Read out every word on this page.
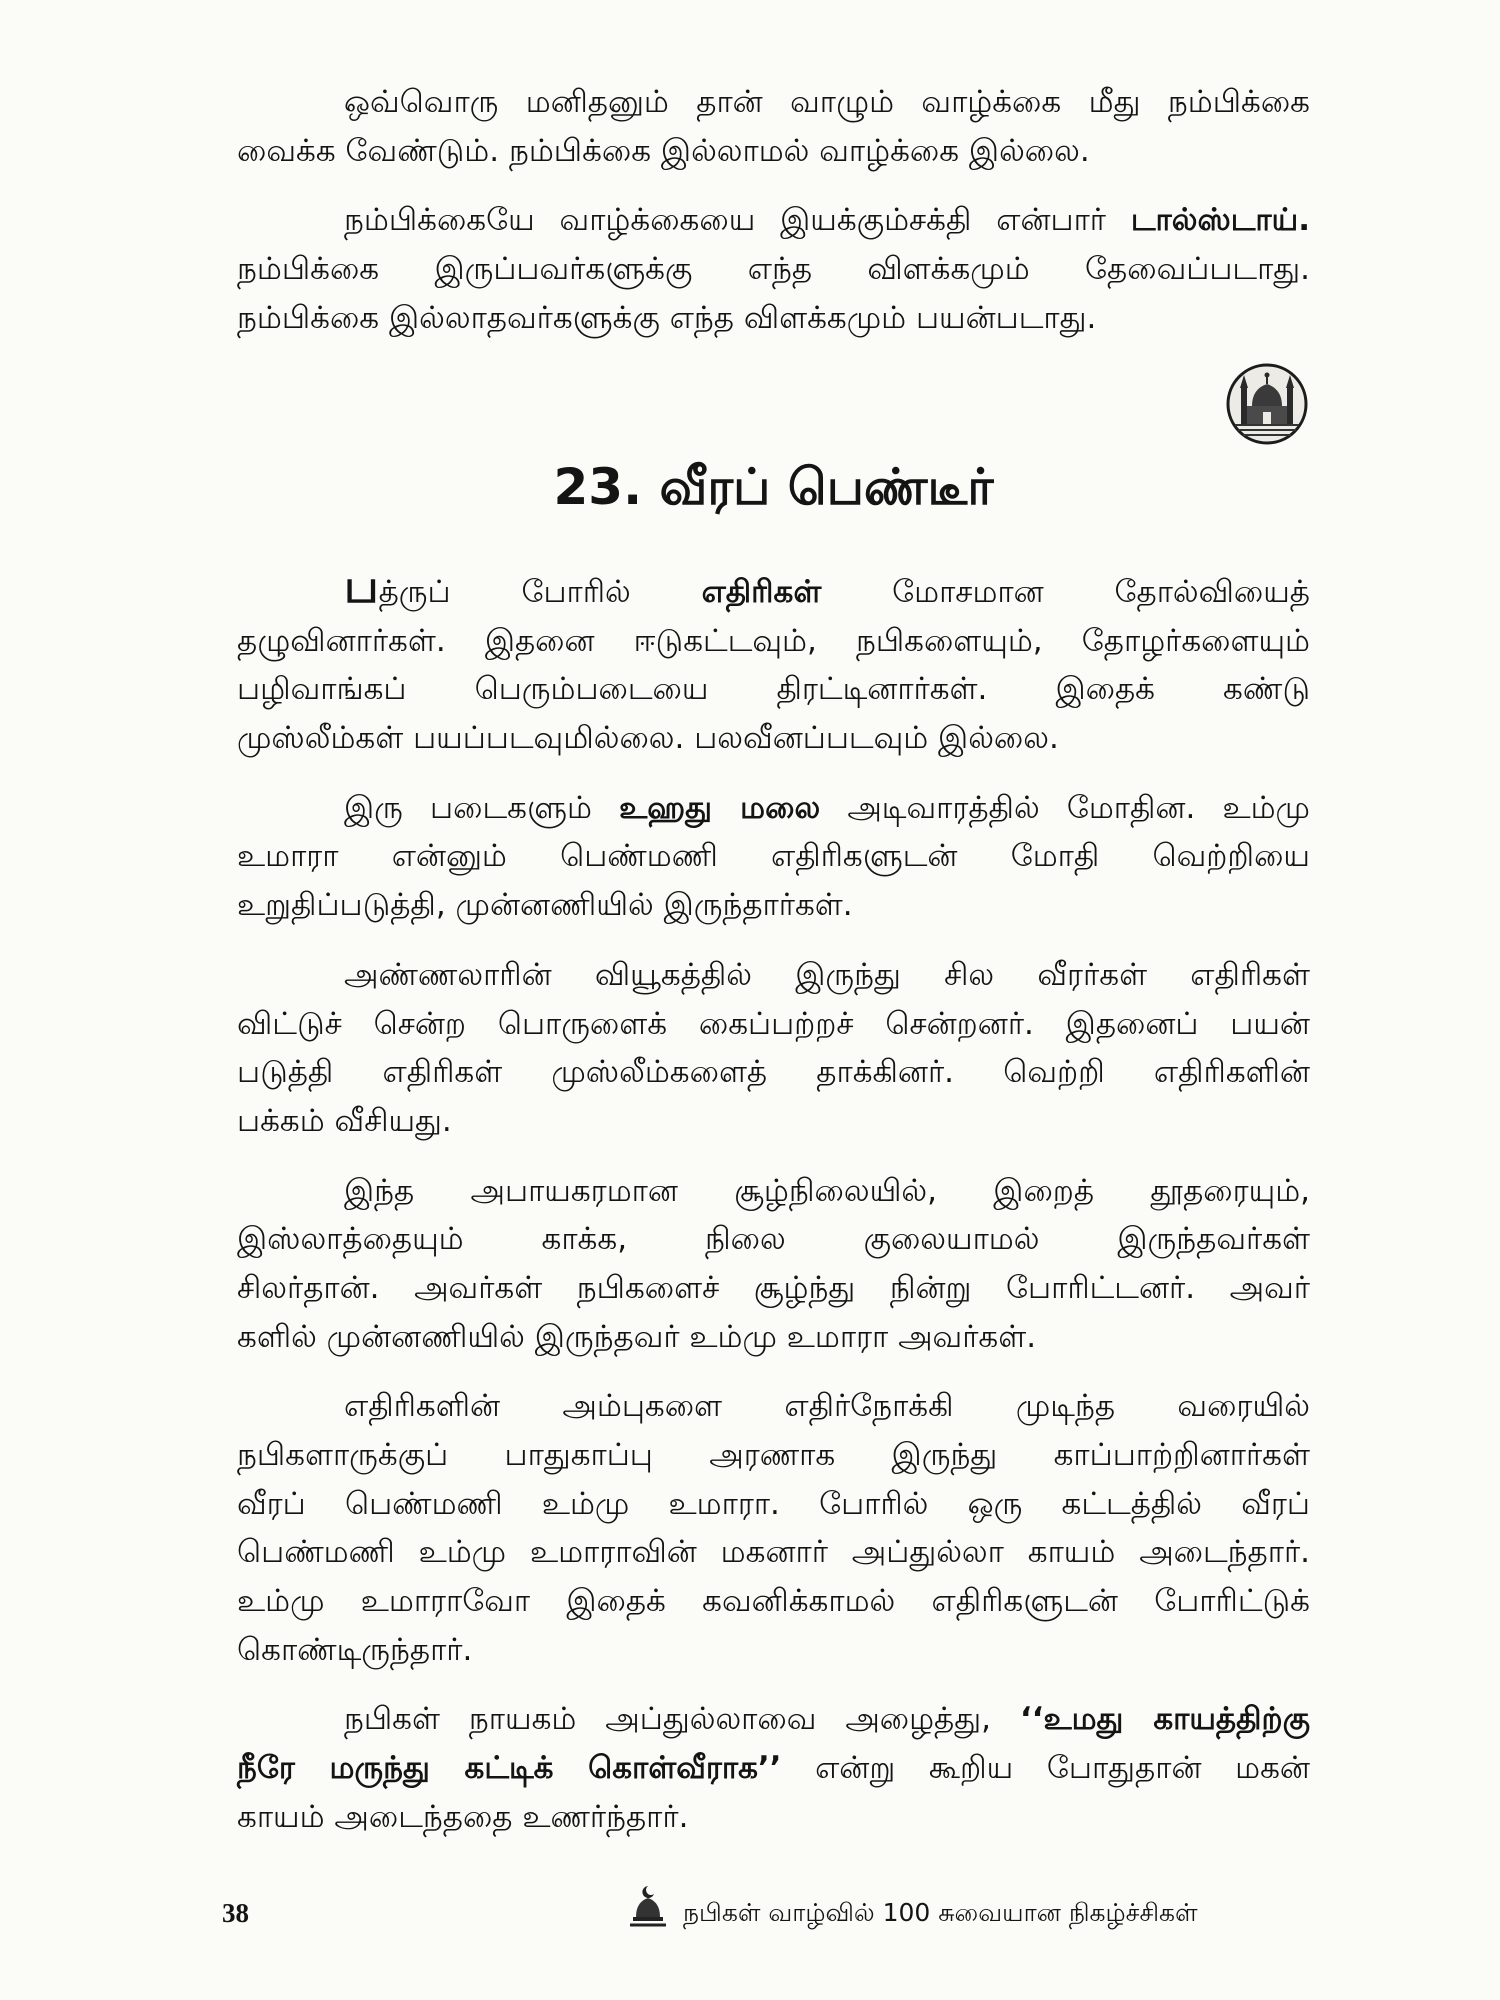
ஒவ்வொரு மனிதனும் தான் வாழும் வாழ்க்கை மீது நம்பிக்கை
வைக்க வேண்டும். நம்பிக்கை இல்லாமல் வாழ்க்கை இல்லை.
நம்பிக்கையே வாழ்க்கையை இயக்கும்சக்தி என்பார் டால்ஸ்டாய்.
நம்பிக்கை இருப்பவர்களுக்கு எந்த விளக்கமும் தேவைப்படாது.
நம்பிக்கை இல்லாதவர்களுக்கு எந்த விளக்கமும் பயன்படாது.
23. வீரப் பெண்டீர்
பத்ருப் போரில் எதிரிகள் மோசமான தோல்வியைத்
தழுவினார்கள். இதனை ஈடுகட்டவும், நபிகளையும், தோழர்களையும்
பழிவாங்கப் பெரும்படையை திரட்டினார்கள். இதைக் கண்டு
முஸ்லீம்கள் பயப்படவுமில்லை. பலவீனப்படவும் இல்லை.
இரு படைகளும் உஹது மலை அடிவாரத்தில் மோதின. உம்மு
உமாரா என்னும் பெண்மணி எதிரிகளுடன் மோதி வெற்றியை
உறுதிப்படுத்தி, முன்னணியில் இருந்தார்கள்.
அண்ணலாரின் வியூகத்தில் இருந்து சில வீரர்கள் எதிரிகள்
விட்டுச் சென்ற பொருளைக் கைப்பற்றச் சென்றனர். இதனைப் பயன்
படுத்தி எதிரிகள் முஸ்லீம்களைத் தாக்கினர். வெற்றி எதிரிகளின்
பக்கம் வீசியது.
இந்த அபாயகரமான சூழ்நிலையில், இறைத் தூதரையும்,
இஸ்லாத்தையும் காக்க, நிலை குலையாமல் இருந்தவர்கள்
சிலர்தான். அவர்கள் நபிகளைச் சூழ்ந்து நின்று போரிட்டனர். அவர்
களில் முன்னணியில் இருந்தவர் உம்மு உமாரா அவர்கள்.
எதிரிகளின் அம்புகளை எதிர்நோக்கி முடிந்த வரையில்
நபிகளாருக்குப் பாதுகாப்பு அரணாக இருந்து காப்பாற்றினார்கள்
வீரப் பெண்மணி உம்மு உமாரா. போரில் ஒரு கட்டத்தில் வீரப்
பெண்மணி உம்மு உமாராவின் மகனார் அப்துல்லா காயம் அடைந்தார்.
உம்மு உமாராவோ இதைக் கவனிக்காமல் எதிரிகளுடன் போரிட்டுக்
கொண்டிருந்தார்.
நபிகள் நாயகம் அப்துல்லாவை அழைத்து, ‘‘உமது காயத்திற்கு
நீரே மருந்து கட்டிக் கொள்வீராக’’ என்று கூறிய போதுதான் மகன்
காயம் அடைந்ததை உணர்ந்தார்.
38	நபிகள் வாழ்வில் 100 சுவையான நிகழ்ச்சிகள்
